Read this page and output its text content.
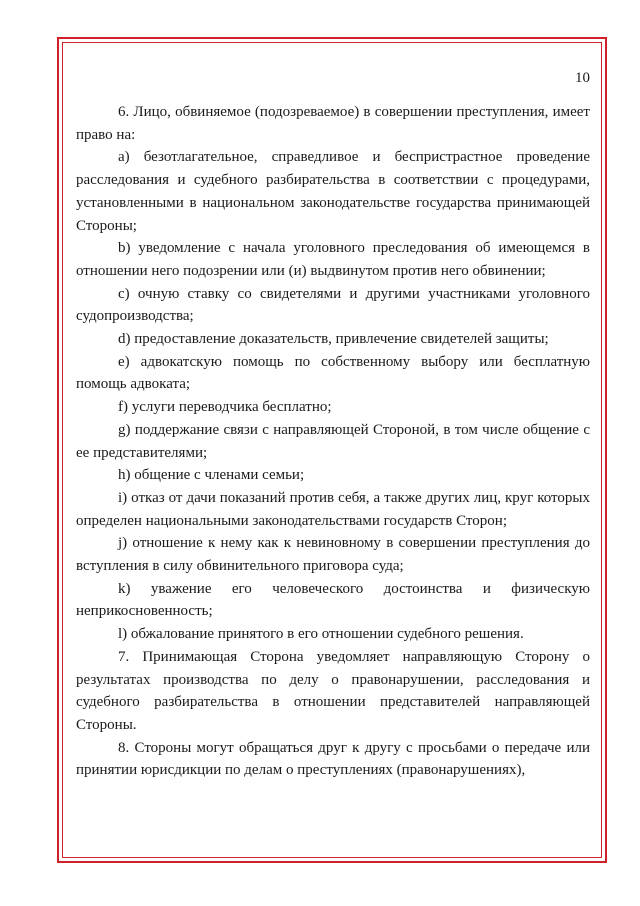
10

6. Лицо, обвиняемое (подозреваемое) в совершении преступления, имеет право на:

a) безотлагательное, справедливое и беспристрастное проведение расследования и судебного разбирательства в соответствии с процедурами, установленными в национальном законодательстве государства принимающей Стороны;

b) уведомление с начала уголовного преследования об имеющемся в отношении него подозрении или (и) выдвинутом против него обвинении;

c) очную ставку со свидетелями и другими участниками уголовного судопроизводства;

d) предоставление доказательств, привлечение свидетелей защиты;

e) адвокатскую помощь по собственному выбору или бесплатную помощь адвоката;

f) услуги переводчика бесплатно;

g) поддержание связи с направляющей Стороной, в том числе общение с ее представителями;

h) общение с членами семьи;

i) отказ от дачи показаний против себя, а также других лиц, круг которых определен национальными законодательствами государств Сторон;

j) отношение к нему как к невиновному в совершении преступления до вступления в силу обвинительного приговора суда;

k) уважение его человеческого достоинства и физическую неприкосновенность;

l) обжалование принятого в его отношении судебного решения.

7. Принимающая Сторона уведомляет направляющую Сторону о результатах производства по делу о правонарушении, расследования и судебного разбирательства в отношении представителей направляющей Стороны.

8. Стороны могут обращаться друг к другу с просьбами о передаче или принятии юрисдикции по делам о преступлениях (правонарушениях),
